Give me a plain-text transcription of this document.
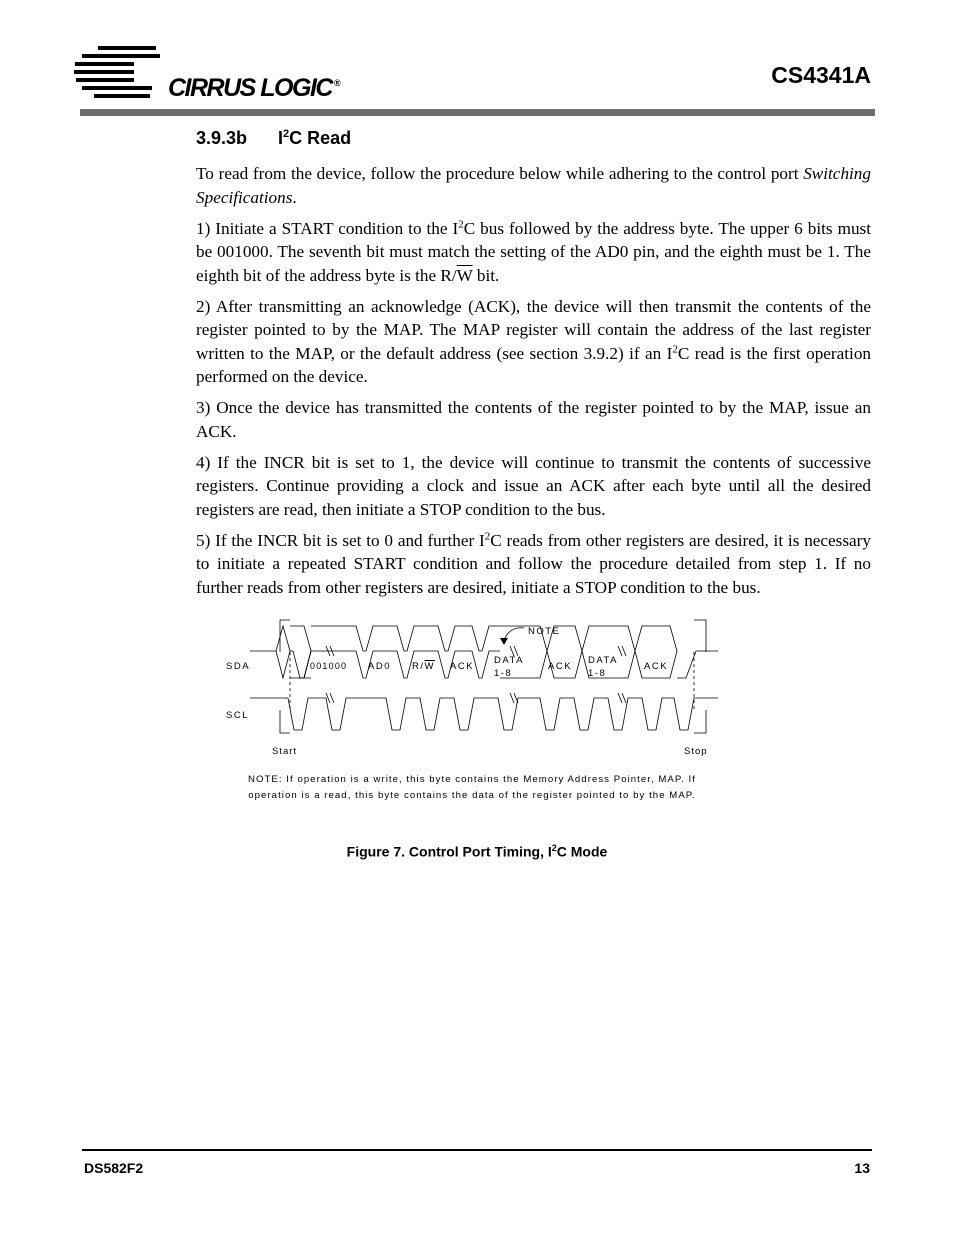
CIRRUS LOGIC ®	CS4341A
3.9.3b $I^2C$ Read

To read from the device, follow the procedure below while adhering to the control port Switching Specifications.

1) Initiate a START condition to the $I^2C$ bus followed by the address byte. The upper 6 bits must be 001000. The seventh bit must match the setting of the AD0 pin, and the eighth must be 1. The eighth bit of the address byte is the $R/\overline{W}$ bit.

2) After transmitting an acknowledge (ACK), the device will then transmit the contents of the register pointed to by the MAP. The MAP register will contain the address of the last register written to the MAP, or the default address (see section 3.9.2) if an $I^2C$ read is the first operation performed on the device.

3) Once the device has transmitted the contents of the register pointed to by the MAP, issue an ACK.

4) If the INCR bit is set to 1, the device will continue to transmit the contents of successive registers. Continue providing a clock and issue an ACK after each byte until all the desired registers are read, then initiate a STOP condition to the bus.

5) If the INCR bit is set to 0 and further $I^2C$ reads from other registers are desired, it is necessary to initiate a repeated START condition and follow the procedure detailed from step 1. If no further reads from other registers are desired, initiate a STOP condition to the bus.

SDA
SCL
NOTE
001000 AD0 $R/\overline{W}$ ACK
DATA
1-8
ACK
DATA
1-8
ACK
Start	Stop
NOTE: If operation is a write, this byte contains the Memory Address Pointer, MAP. If
operation is a read, this byte contains the data of the register pointed to by the MAP.
Figure 7. Control Port Timing, $I^2C$ Mode
DS582F2	13
